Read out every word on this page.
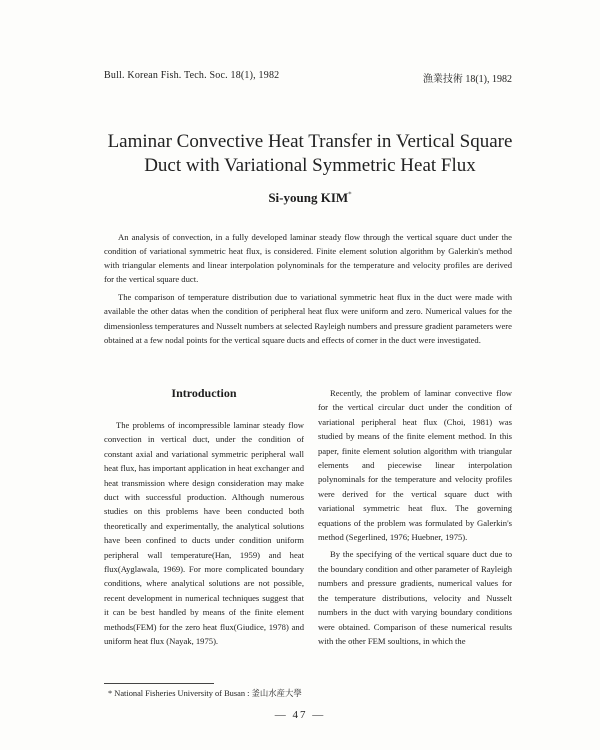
Bull. Korean Fish. Tech. Soc. 18(1), 1982	漁業技術 18(1), 1982
Laminar Convective Heat Transfer in Vertical Square
Duct with Variational Symmetric Heat Flux
Si-young KIM*

An analysis of convection, in a fully developed laminar steady flow through the vertical square duct under the condition of variational symmetric heat flux, is considered. Finite element solution algorithm by Galerkin's method with triangular elements and linear interpolation polynominals for the temperature and velocity profiles are derived for the vertical square duct.

The comparison of temperature distribution due to variational symmetric heat flux in the duct were made with available the other datas when the condition of peripheral heat flux were uniform and zero. Numerical values for the dimensionless temperatures and Nusselt numbers at selected Rayleigh numbers and pressure gradient parameters were obtained at a few nodal points for the vertical square ducts and effects of corner in the duct were investigated.

Introduction

The problems of incompressible laminar steady flow convection in vertical duct, under the condition of constant axial and variational symmetric peripheral wall heat flux, has important application in heat exchanger and heat transmission where design consideration may make duct with successful production. Although numerous studies on this problems have been conducted both theoretically and experimentally, the analytical solutions have been confined to ducts under condition uniform peripheral wall temperature(Han, 1959) and heat flux(Ayglawala, 1969). For more complicated boundary conditions, where analytical solutions are not possible, recent development in numerical techniques suggest that it can be best handled by means of the finite element methods(FEM) for the zero heat flux(Giudice, 1978) and uniform heat flux (Nayak, 1975).

Recently, the problem of laminar convective flow for the vertical circular duct under the condition of variational peripheral heat flux (Choi, 1981) was studied by means of the finite element method. In this paper, finite element solution algorithm with triangular elements and piecewise linear interpolation polynominals for the temperature and velocity profiles were derived for the vertical square duct with variational symmetric heat flux. The governing equations of the problem was formulated by Galerkin's method (Segerlined, 1976; Huebner, 1975).

By the specifying of the vertical square duct due to the boundary condition and other parameter of Rayleigh numbers and pressure gradients, numerical values for the temperature distributions, velocity and Nusselt numbers in the duct with varying boundary conditions were obtained. Comparison of these numerical results with the other FEM soultions, in which the

* National Fisheries University of Busan : 釜山水産大學
— 47 —
